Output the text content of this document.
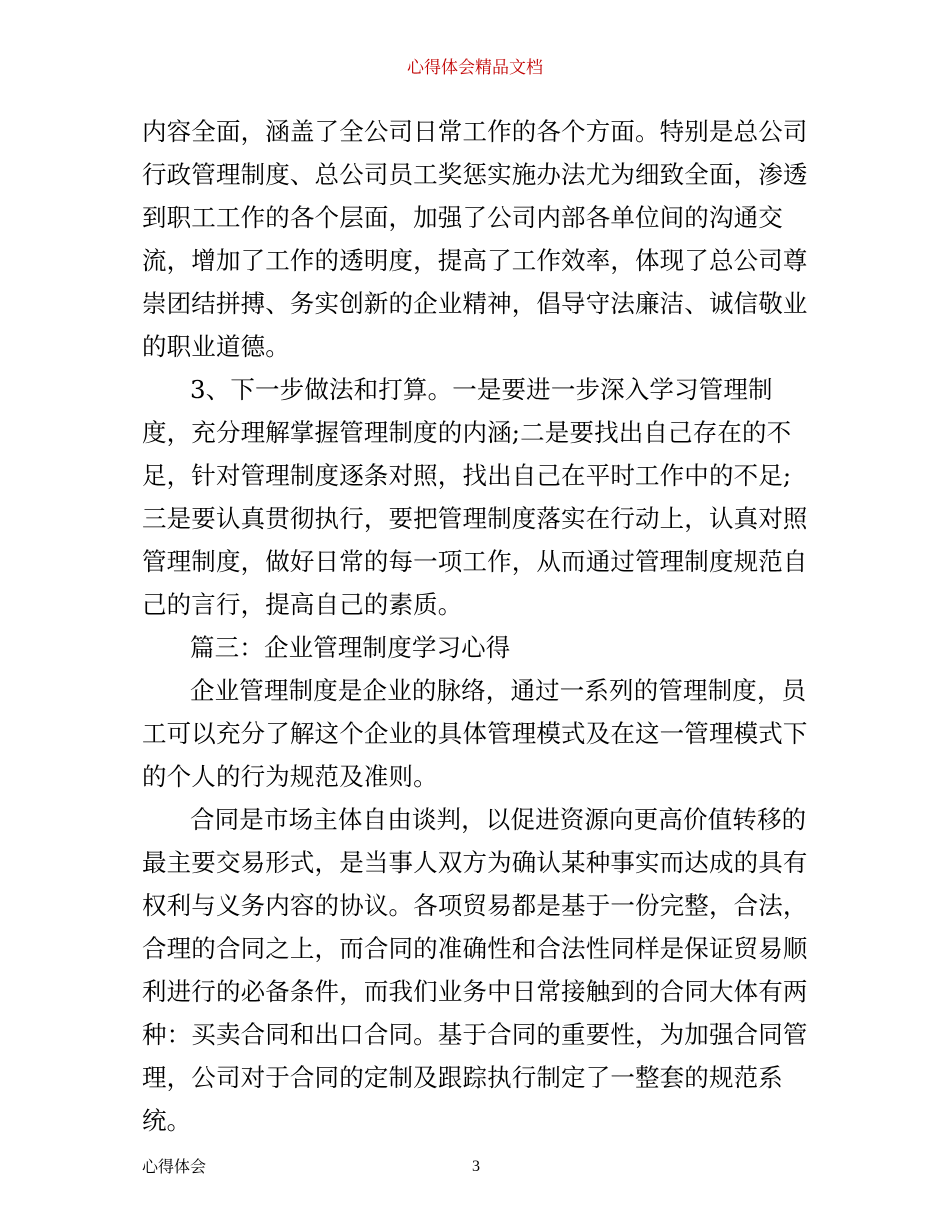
心得体会精品文档
内容全面，涵盖了全公司日常工作的各个方面。特别是总公司
行政管理制度、总公司员工奖惩实施办法尤为细致全面，渗透
到职工工作的各个层面，加强了公司内部各单位间的沟通交
流，增加了工作的透明度，提高了工作效率，体现了总公司尊
崇团结拼搏、务实创新的企业精神，倡导守法廉洁、诚信敬业
的职业道德。
3、下一步做法和打算。一是要进一步深入学习管理制
度，充分理解掌握管理制度的内涵;二是要找出自己存在的不
足，针对管理制度逐条对照，找出自己在平时工作中的不足;
三是要认真贯彻执行，要把管理制度落实在行动上，认真对照
管理制度，做好日常的每一项工作，从而通过管理制度规范自
己的言行，提高自己的素质。
篇三：企业管理制度学习心得
企业管理制度是企业的脉络，通过一系列的管理制度，员
工可以充分了解这个企业的具体管理模式及在这一管理模式下
的个人的行为规范及准则。
合同是市场主体自由谈判，以促进资源向更高价值转移的
最主要交易形式，是当事人双方为确认某种事实而达成的具有
权利与义务内容的协议。各项贸易都是基于一份完整，合法，
合理的合同之上，而合同的准确性和合法性同样是保证贸易顺
利进行的必备条件，而我们业务中日常接触到的合同大体有两
种：买卖合同和出口合同。基于合同的重要性，为加强合同管
理，公司对于合同的定制及跟踪执行制定了一整套的规范系
统。
心得体会	3
